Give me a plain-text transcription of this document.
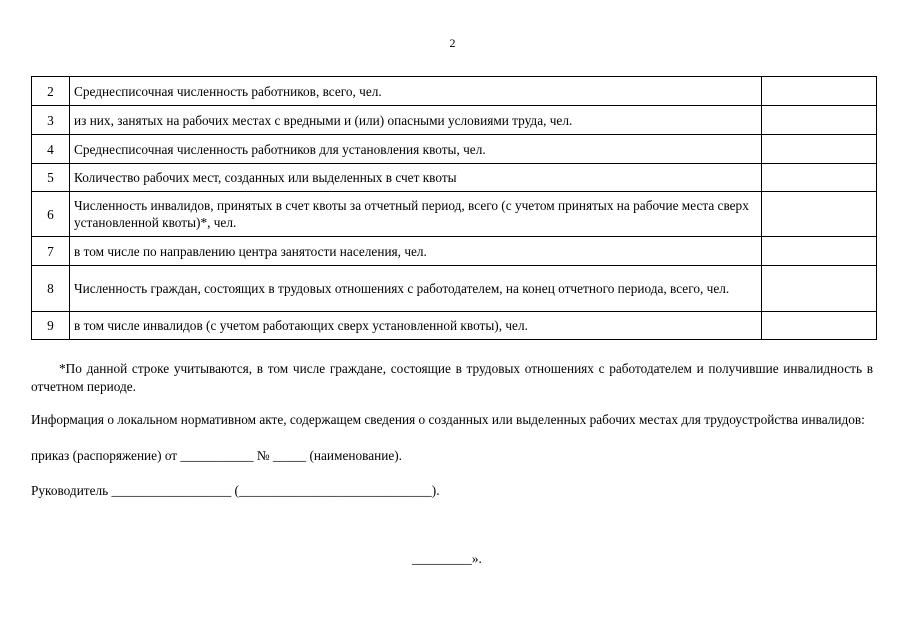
2
2	Среднесписочная численность работников, всего, чел.	
3	из них, занятых на рабочих местах с вредными и (или) опасными условиями труда, чел.	
4	Среднесписочная численность работников для установления квоты, чел.	
5	Количество рабочих мест, созданных или выделенных в счет квоты	
6	Численность инвалидов, принятых в счет квоты за отчетный период, всего (с учетом принятых на рабочие места сверх установленной квоты)*, чел.	
7	в том числе по направлению центра занятости населения, чел.	
8	Численность граждан, состоящих в трудовых отношениях с работодателем, на конец отчетного периода, всего, чел.	
9	в том числе инвалидов (с учетом работающих сверх установленной квоты), чел.	

*По данной строке учитываются, в том числе граждане, состоящие в трудовых отношениях с работодателем и получившие инвалидность в отчетном периоде.

Информация о локальном нормативном акте, содержащем сведения о созданных или выделенных рабочих местах для трудоустройства инвалидов:

приказ (распоряжение) от ___________ № _____ (наименование).
Руководитель __________________ (_____________________________).
_________».
